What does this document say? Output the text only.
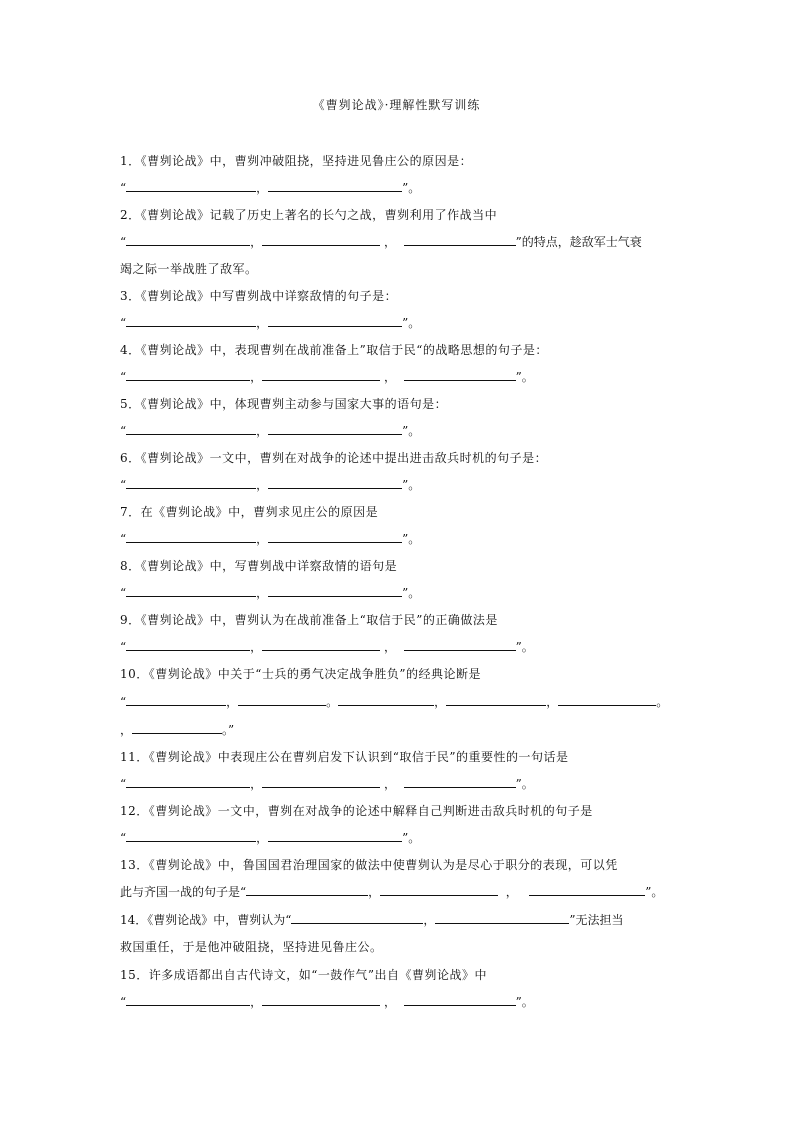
《曹刿论战》·理解性默写训练
1．《曹刿论战》中，曹刿冲破阻挠，坚持进见鲁庄公的原因是：
“	，	”。
2．《曹刿论战》记载了历史上著名的长勺之战，曹刿利用了作战当中
“	，	，	”的特点，趁敌军士气衰
竭之际一举战胜了敌军。
3．《曹刿论战》中写曹刿战中详察敌情的句子是：
“	，	”。
4．《曹刿论战》中，表现曹刿在战前准备上”取信于民“的战略思想的句子是：
“	，	，	”。
5．《曹刿论战》中，体现曹刿主动参与国家大事的语句是：
“	，	”。
6．《曹刿论战》一文中，曹刿在对战争的论述中提出进击敌兵时机的句子是：
“	，	”。
7．在《曹刿论战》中，曹刿求见庄公的原因是
“	，	”。
8．《曹刿论战》中，写曹刿战中详察敌情的语句是
“	，	”。
9．《曹刿论战》中，曹刿认为在战前准备上“取信于民”的正确做法是
“	，	，	”。
10．《曹刿论战》中关于“士兵的勇气决定战争胜负”的经典论断是
“	，	。	，	，	。
，	。”
11．《曹刿论战》中表现庄公在曹刿启发下认识到“取信于民”的重要性的一句话是
“	，	，	”。
12．《曹刿论战》一文中，曹刿在对战争的论述中解释自己判断进击敌兵时机的句子是
“	，	”。
13．《曹刿论战》中，鲁国国君治理国家的做法中使曹刿认为是尽心于职分的表现，可以凭
此与齐国一战的句子是“	，	，	”。
14．《曹刿论战》中，曹刿认为“	，	”无法担当
救国重任，于是他冲破阻挠，坚持进见鲁庄公。
15．许多成语都出自古代诗文，如“一鼓作气”出自《曹刿论战》中
“	，	，	”。
